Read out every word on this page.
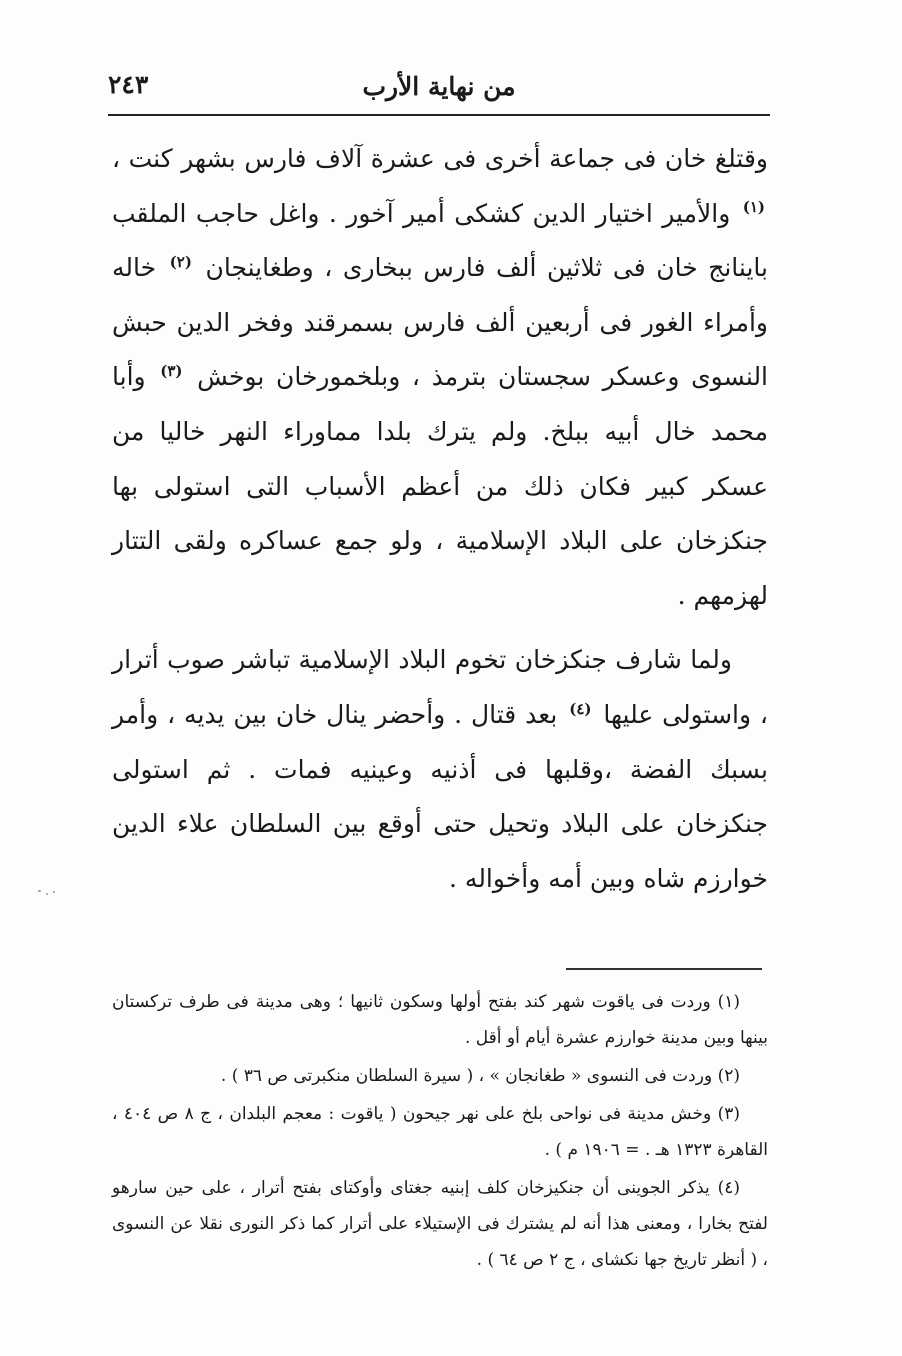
من نهاية الأرب
٢٤٣

وقتلغ خان فى جماعة أخرى فى عشرة آلاف فارس بشهر كنت ، $^{(١)}$ والأمير اختيار الدين كشكى أمير آخور . واغل حاجب الملقب باينانج خان فى ثلاثين ألف فارس ببخارى ، وطغاينجان $^{(٢)}$ خاله وأمراء الغور فى أربعين ألف فارس بسمرقند وفخر الدين حبش النسوى وعسكر سجستان بترمذ ، وبلخمورخان بوخش $^{(٣)}$ وأبا محمد خال أبيه ببلخ. ولم يترك بلدا مماوراء النهر خاليا من عسكر كبير فكان ذلك من أعظم الأسباب التى استولى بها جنكزخان على البلاد الإسلامية ، ولو جمع عساكره ولقى التتار لهزمهم .

ولما شارف جنكزخان تخوم البلاد الإسلامية تباشر صوب أترار ، واستولى عليها $^{(٤)}$ بعد قتال . وأحضر ينال خان بين يديه ، وأمر بسبك الفضة ،وقلبها فى أذنيه وعينيه فمات . ثم استولى جنكزخان على البلاد وتحيل حتى أوقع بين السلطان علاء الدين خوارزم شاه وبين أمه وأخواله .

(١) وردت فى ياقوت شهر كند بفتح أولها وسكون ثانيها ؛ وهى مدينة فى طرف تركستان بينها وبين مدينة خوارزم عشرة أيام أو أقل .

(٢) وردت فى النسوى « طغانجان » ، ( سيرة السلطان منكبرتى ص ٣٦ ) .

(٣) وخش مدينة فى نواحى بلخ على نهر جيحون ( ياقوت : معجم البلدان ، ج ٨ ص ٤٠٤ ، القاهرة ١٣٢٣ هـ . = ١٩٠٦ م ) .

(٤) يذكر الجوينى أن جنكيزخان كلف إبنيه جغتاى وأوكتاى بفتح أترار ، على حين سارهو لفتح بخارا ، ومعنى هذا أنه لم يشترك فى الإستيلاء على أترار كما ذكر النورى نقلا عن النسوى ، ( أنظر تاريخ جها نكشاى ، ج ٢ ص ٦٤ ) .
